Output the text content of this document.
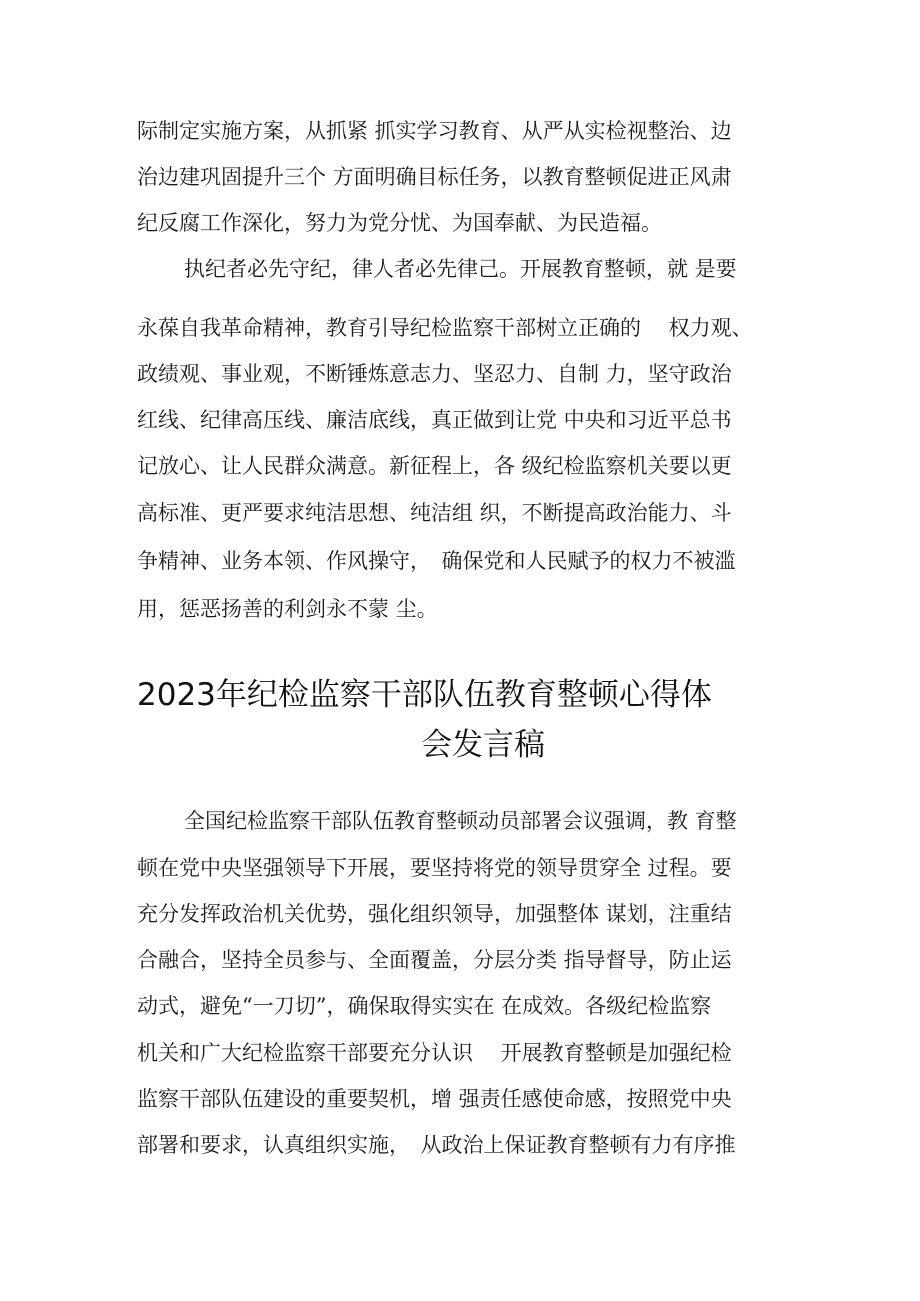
际制定实施方案，从抓紧 抓实学习教育、从严从实检视整治、边
治边建巩固提升三个 方面明确目标任务，以教育整顿促进正风肃
纪反腐工作深化，努力为党分忧、为国奉献、为民造福。
执纪者必先守纪，律人者必先律己。开展教育整顿，就 是要
永葆自我革命精神，教育引导纪检监察干部树立正确的　 权力观、
政绩观、事业观，不断锤炼意志力、坚忍力、自制 力，坚守政治
红线、纪律高压线、廉洁底线，真正做到让党 中央和习近平总书
记放心、让人民群众满意。新征程上，各 级纪检监察机关要以更
高标准、更严要求纯洁思想、纯洁组 织，不断提高政治能力、斗
争精神、业务本领、作风操守，　确保党和人民赋予的权力不被滥
用，惩恶扬善的利剑永不蒙 尘。
2023年纪检监察干部队伍教育整顿心得体
会发言稿
全国纪检监察干部队伍教育整顿动员部署会议强调，教 育整
顿在党中央坚强领导下开展，要坚持将党的领导贯穿全 过程。要
充分发挥政治机关优势，强化组织领导，加强整体 谋划，注重结
合融合，坚持全员参与、全面覆盖，分层分类 指导督导，防止运
动式，避免“一刀切”，确保取得实实在 在成效。各级纪检监察
机关和广大纪检监察干部要充分认识　 开展教育整顿是加强纪检
监察干部队伍建设的重要契机，增 强责任感使命感，按照党中央
部署和要求，认真组织实施，　从政治上保证教育整顿有力有序推
